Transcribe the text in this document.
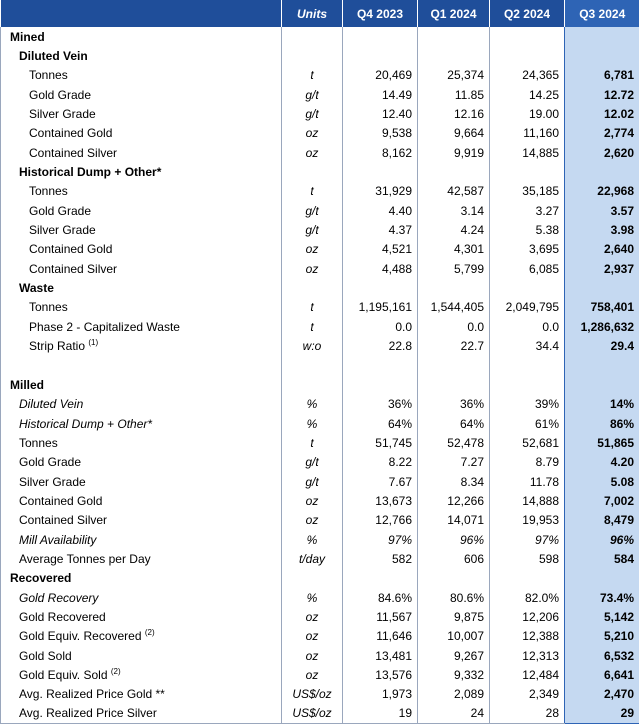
	Units	Q4 2023	Q1 2024	Q2 2024	Q3 2024
Mined					
Diluted Vein					
Tonnes	t	20,469	25,374	24,365	6,781
Gold Grade	g/t	14.49	11.85	14.25	12.72
Silver Grade	g/t	12.40	12.16	19.00	12.02
Contained Gold	oz	9,538	9,664	11,160	2,774
Contained Silver	oz	8,162	9,919	14,885	2,620
Historical Dump + Other*					
Tonnes	t	31,929	42,587	35,185	22,968
Gold Grade	g/t	4.40	3.14	3.27	3.57
Silver Grade	g/t	4.37	4.24	5.38	3.98
Contained Gold	oz	4,521	4,301	3,695	2,640
Contained Silver	oz	4,488	5,799	6,085	2,937
Waste					
Tonnes	t	1,195,161	1,544,405	2,049,795	758,401
Phase 2 - Capitalized Waste	t	0.0	0.0	0.0	1,286,632
Strip Ratio $^{(1)}$	w:o	22.8	22.7	34.4	29.4

Milled					
Diluted Vein	%	36%	36%	39%	14%
Historical Dump + Other*	%	64%	64%	61%	86%
Tonnes	t	51,745	52,478	52,681	51,865
Gold Grade	g/t	8.22	7.27	8.79	4.20
Silver Grade	g/t	7.67	8.34	11.78	5.08
Contained Gold	oz	13,673	12,266	14,888	7,002
Contained Silver	oz	12,766	14,071	19,953	8,479
Mill Availability	%	97%	96%	97%	96%
Average Tonnes per Day	t/day	582	606	598	584
Recovered					
Gold Recovery	%	84.6%	80.6%	82.0%	73.4%
Gold Recovered	oz	11,567	9,875	12,206	5,142
Gold Equiv. Recovered $^{(2)}$	oz	11,646	10,007	12,388	5,210
Gold Sold	oz	13,481	9,267	12,313	6,532
Gold Equiv. Sold $^{(2)}$	oz	13,576	9,332	12,484	6,641
Avg. Realized Price Gold **	US$/oz	1,973	2,089	2,349	2,470
Avg. Realized Price Silver	US$/oz	19	24	28	29
